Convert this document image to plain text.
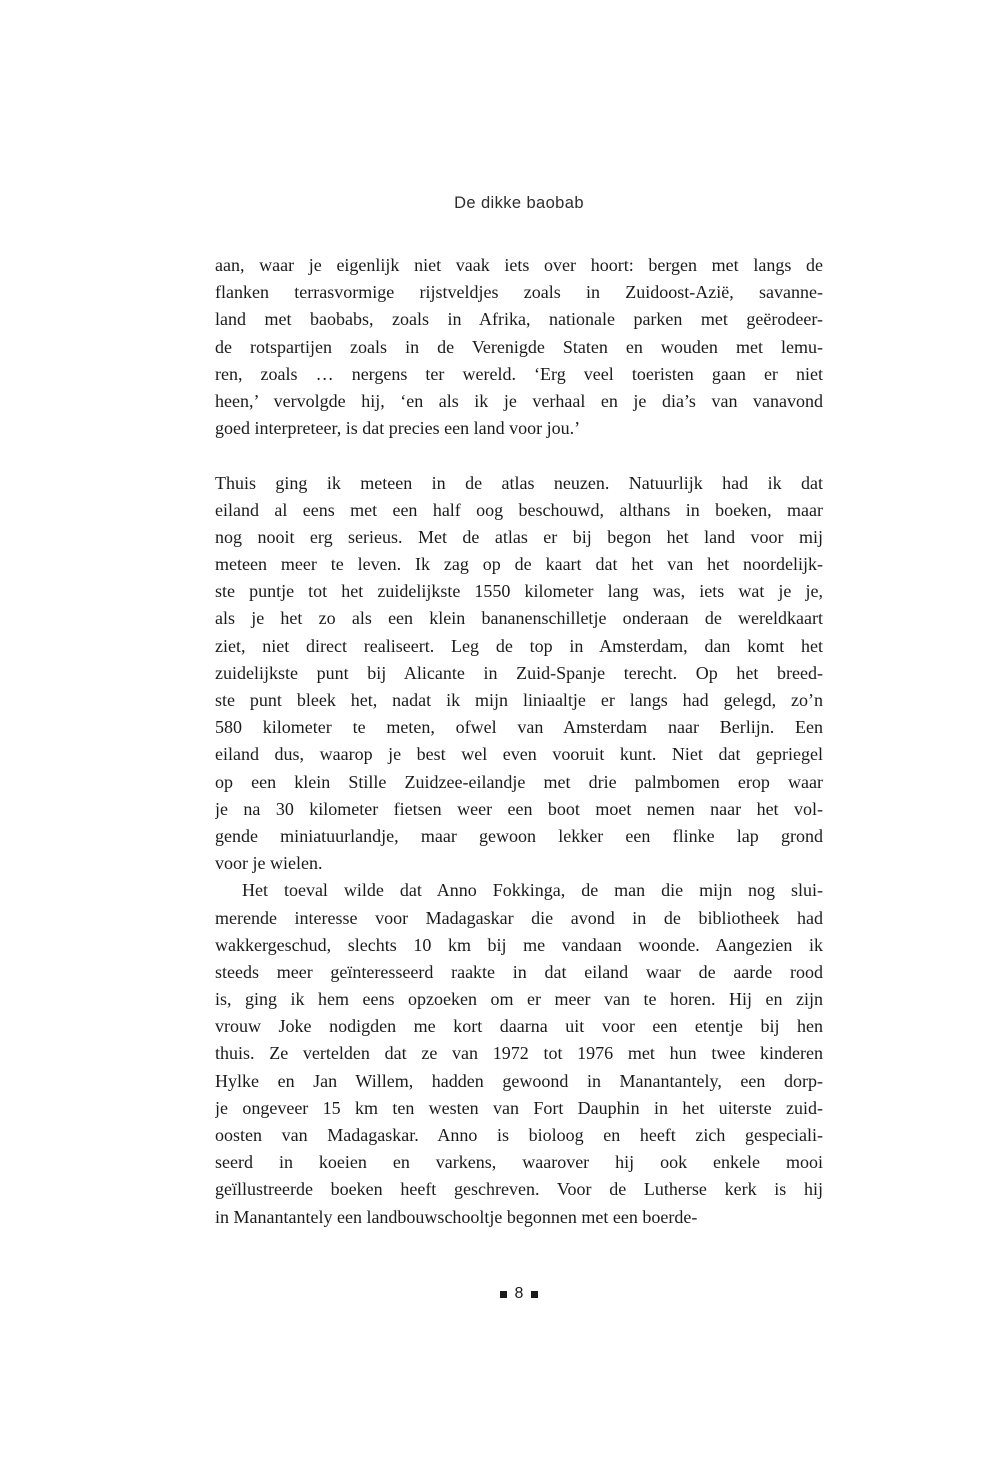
De dikke baobab
aan, waar je eigenlijk niet vaak iets over hoort: bergen met langs de
flanken terrasvormige rijstveldjes zoals in Zuidoost-Azië, savanne-
land met baobabs, zoals in Afrika, nationale parken met geërodeer-
de rotspartijen zoals in de Verenigde Staten en wouden met lemu-
ren, zoals … nergens ter wereld. ‘Erg veel toeristen gaan er niet
heen,’ vervolgde hij, ‘en als ik je verhaal en je dia’s van vanavond
goed interpreteer, is dat precies een land voor jou.’
Thuis ging ik meteen in de atlas neuzen. Natuurlijk had ik dat
eiland al eens met een half oog beschouwd, althans in boeken, maar
nog nooit erg serieus. Met de atlas er bij begon het land voor mij
meteen meer te leven. Ik zag op de kaart dat het van het noordelijk-
ste puntje tot het zuidelijkste 1550 kilometer lang was, iets wat je je,
als je het zo als een klein bananenschilletje onderaan de wereldkaart
ziet, niet direct realiseert. Leg de top in Amsterdam, dan komt het
zuidelijkste punt bij Alicante in Zuid-Spanje terecht. Op het breed-
ste punt bleek het, nadat ik mijn liniaaltje er langs had gelegd, zo’n
580 kilometer te meten, ofwel van Amsterdam naar Berlijn. Een
eiland dus, waarop je best wel even vooruit kunt. Niet dat gepriegel
op een klein Stille Zuidzee-eilandje met drie palmbomen erop waar
je na 30 kilometer fietsen weer een boot moet nemen naar het vol-
gende miniatuurlandje, maar gewoon lekker een flinke lap grond
voor je wielen.
Het toeval wilde dat Anno Fokkinga, de man die mijn nog slui-
merende interesse voor Madagaskar die avond in de bibliotheek had
wakkergeschud, slechts 10 km bij me vandaan woonde. Aangezien ik
steeds meer geïnteresseerd raakte in dat eiland waar de aarde rood
is, ging ik hem eens opzoeken om er meer van te horen. Hij en zijn
vrouw Joke nodigden me kort daarna uit voor een etentje bij hen
thuis. Ze vertelden dat ze van 1972 tot 1976 met hun twee kinderen
Hylke en Jan Willem, hadden gewoond in Manantantely, een dorp-
je ongeveer 15 km ten westen van Fort Dauphin in het uiterste zuid-
oosten van Madagaskar. Anno is bioloog en heeft zich gespeciali-
seerd in koeien en varkens, waarover hij ook enkele mooi
geïllustreerde boeken heeft geschreven. Voor de Lutherse kerk is hij
in Manantantely een landbouwschooltje begonnen met een boerde-
8
